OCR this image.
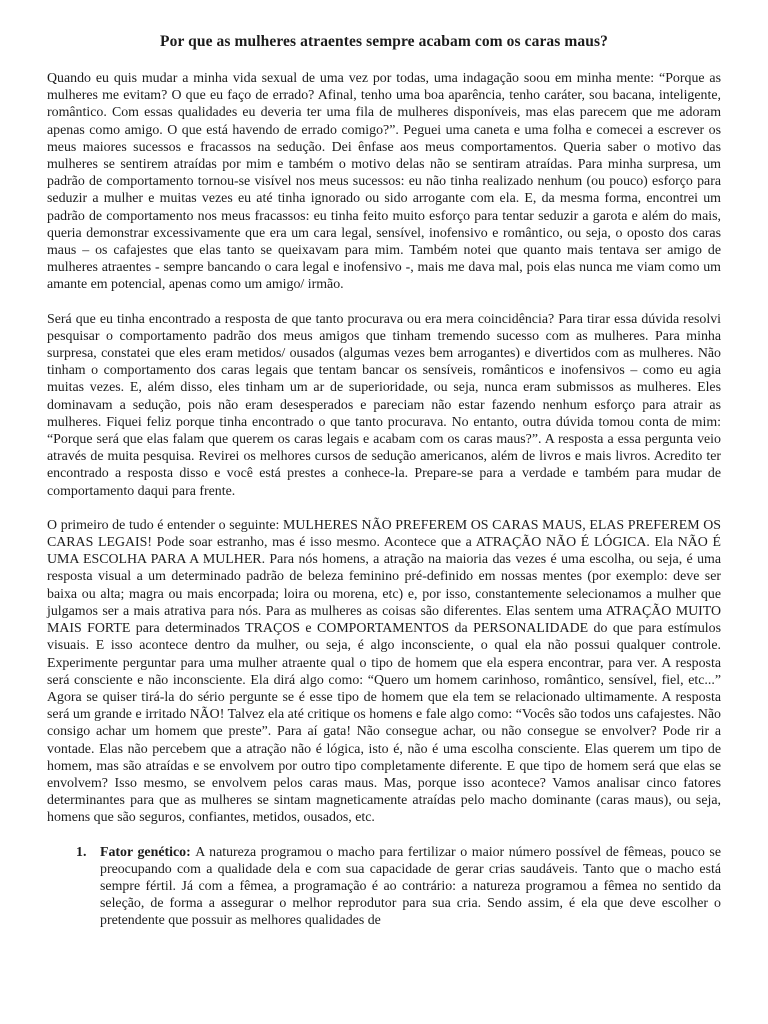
Por que as mulheres atraentes sempre acabam com os caras maus?

Quando eu quis mudar a minha vida sexual de uma vez por todas, uma indagação soou em minha mente: “Porque as mulheres me evitam? O que eu faço de errado? Afinal, tenho uma boa aparência, tenho caráter, sou bacana, inteligente, romântico. Com essas qualidades eu deveria ter uma fila de mulheres disponíveis, mas elas parecem que me adoram apenas como amigo. O que está havendo de errado comigo?”. Peguei uma caneta e uma folha e comecei a escrever os meus maiores sucessos e fracassos na sedução. Dei ênfase aos meus comportamentos. Queria saber o motivo das mulheres se sentirem atraídas por mim e também o motivo delas não se sentiram atraídas. Para minha surpresa, um padrão de comportamento tornou-se visível nos meus sucessos: eu não tinha realizado nenhum (ou pouco) esforço para seduzir a mulher e muitas vezes eu até tinha ignorado ou sido arrogante com ela. E, da mesma forma, encontrei um padrão de comportamento nos meus fracassos: eu tinha feito muito esforço para tentar seduzir a garota e além do mais, queria demonstrar excessivamente que era um cara legal, sensível, inofensivo e romântico, ou seja, o oposto dos caras maus – os cafajestes que elas tanto se queixavam para mim. Também notei que quanto mais tentava ser amigo de mulheres atraentes - sempre bancando o cara legal e inofensivo -, mais me dava mal, pois elas nunca me viam como um amante em potencial, apenas como um amigo/ irmão.

Será que eu tinha encontrado a resposta de que tanto procurava ou era mera coincidência? Para tirar essa dúvida resolvi pesquisar o comportamento padrão dos meus amigos que tinham tremendo sucesso com as mulheres. Para minha surpresa, constatei que eles eram metidos/ ousados (algumas vezes bem arrogantes) e divertidos com as mulheres. Não tinham o comportamento dos caras legais que tentam bancar os sensíveis, românticos e inofensivos – como eu agia muitas vezes. E, além disso, eles tinham um ar de superioridade, ou seja, nunca eram submissos as mulheres. Eles dominavam a sedução, pois não eram desesperados e pareciam não estar fazendo nenhum esforço para atrair as mulheres. Fiquei feliz porque tinha encontrado o que tanto procurava. No entanto, outra dúvida tomou conta de mim: “Porque será que elas falam que querem os caras legais e acabam com os caras maus?”. A resposta a essa pergunta veio através de muita pesquisa. Revirei os melhores cursos de sedução americanos, além de livros e mais livros. Acredito ter encontrado a resposta disso e você está prestes a conhece-la. Prepare-se para a verdade e também para mudar de comportamento daqui para frente.

O primeiro de tudo é entender o seguinte: MULHERES NÃO PREFEREM OS CARAS MAUS, ELAS PREFEREM OS CARAS LEGAIS! Pode soar estranho, mas é isso mesmo. Acontece que a ATRAÇÃO NÃO É LÓGICA. Ela NÃO É UMA ESCOLHA PARA A MULHER. Para nós homens, a atração na maioria das vezes é uma escolha, ou seja, é uma resposta visual a um determinado padrão de beleza feminino pré-definido em nossas mentes (por exemplo: deve ser baixa ou alta; magra ou mais encorpada; loira ou morena, etc) e, por isso, constantemente selecionamos a mulher que julgamos ser a mais atrativa para nós. Para as mulheres as coisas são diferentes. Elas sentem uma ATRAÇÃO MUITO MAIS FORTE para determinados TRAÇOS e COMPORTAMENTOS da PERSONALIDADE do que para estímulos visuais. E isso acontece dentro da mulher, ou seja, é algo inconsciente, o qual ela não possui qualquer controle. Experimente perguntar para uma mulher atraente qual o tipo de homem que ela espera encontrar, para ver. A resposta será consciente e não inconsciente. Ela dirá algo como: “Quero um homem carinhoso, romântico, sensível, fiel, etc...” Agora se quiser tirá-la do sério pergunte se é esse tipo de homem que ela tem se relacionado ultimamente. A resposta será um grande e irritado NÃO! Talvez ela até critique os homens e fale algo como: “Vocês são todos uns cafajestes. Não consigo achar um homem que preste”. Para aí gata! Não consegue achar, ou não consegue se envolver? Pode rir a vontade. Elas não percebem que a atração não é lógica, isto é, não é uma escolha consciente. Elas querem um tipo de homem, mas são atraídas e se envolvem por outro tipo completamente diferente. E que tipo de homem será que elas se envolvem? Isso mesmo, se envolvem pelos caras maus. Mas, porque isso acontece? Vamos analisar cinco fatores determinantes para que as mulheres se sintam magneticamente atraídas pelo macho dominante (caras maus), ou seja, homens que são seguros, confiantes, metidos, ousados, etc.

1. Fator genético: A natureza programou o macho para fertilizar o maior número possível de fêmeas, pouco se preocupando com a qualidade dela e com sua capacidade de gerar crias saudáveis. Tanto que o macho está sempre fértil. Já com a fêmea, a programação é ao contrário: a natureza programou a fêmea no sentido da seleção, de forma a assegurar o melhor reprodutor para sua cria. Sendo assim, é ela que deve escolher o pretendente que possuir as melhores qualidades de
